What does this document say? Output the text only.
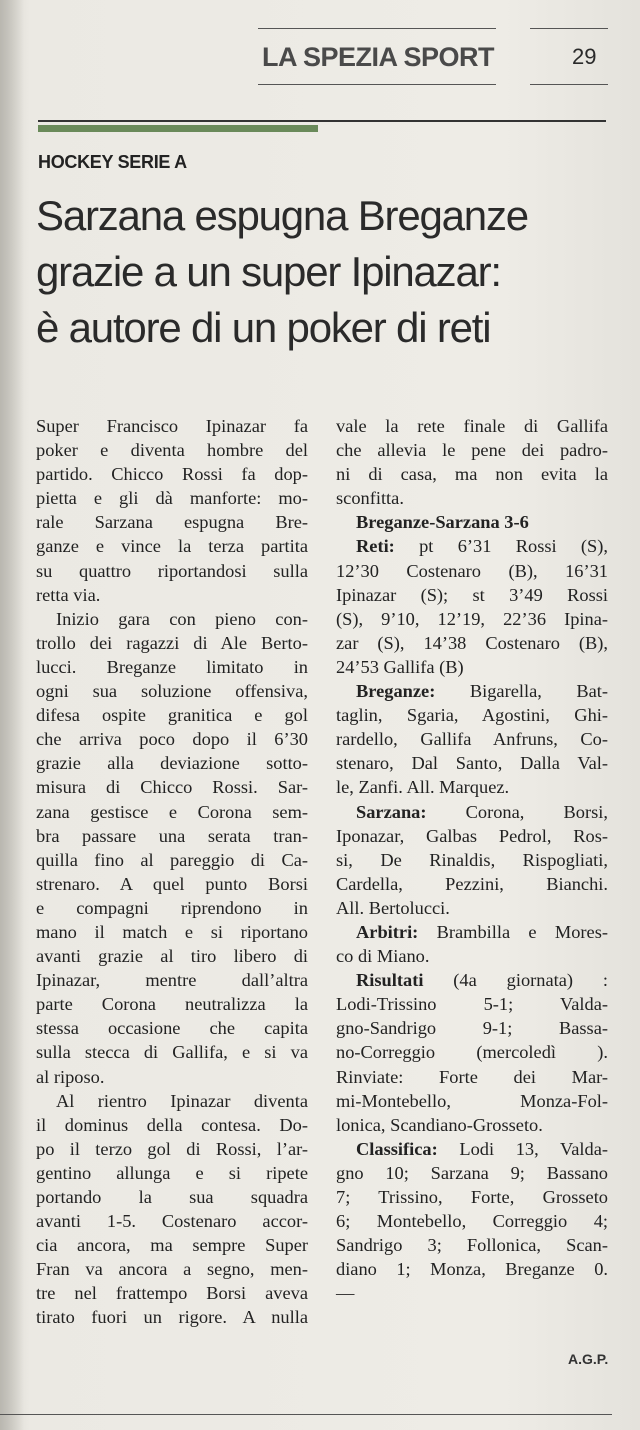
LA SPEZIA SPORT	29
HOCKEY SERIE A
Sarzana espugna Breganze
grazie a un super Ipinazar:
è autore di un poker di reti
Super Francisco Ipinazar fa
poker e diventa hombre del
partido. Chicco Rossi fa dop-
pietta e gli dà manforte: mo-
rale Sarzana espugna Bre-
ganze e vince la terza partita
su quattro riportandosi sulla
retta via.
Inizio gara con pieno con-
trollo dei ragazzi di Ale Berto-
lucci. Breganze limitato in
ogni sua soluzione offensiva,
difesa ospite granitica e gol
che arriva poco dopo il 6’30
grazie alla deviazione sotto-
misura di Chicco Rossi. Sar-
zana gestisce e Corona sem-
bra passare una serata tran-
quilla fino al pareggio di Ca-
strenaro. A quel punto Borsi
e compagni riprendono in
mano il match e si riportano
avanti grazie al tiro libero di
Ipinazar, mentre dall’altra
parte Corona neutralizza la
stessa occasione che capita
sulla stecca di Gallifa, e si va
al riposo.
Al rientro Ipinazar diventa
il dominus della contesa. Do-
po il terzo gol di Rossi, l’ar-
gentino allunga e si ripete
portando la sua squadra
avanti 1-5. Costenaro accor-
cia ancora, ma sempre Super
Fran va ancora a segno, men-
tre nel frattempo Borsi aveva
tirato fuori un rigore. A nulla
vale la rete finale di Gallifa
che allevia le pene dei padro-
ni di casa, ma non evita la
sconfitta.
Breganze-Sarzana 3-6
Reti: pt 6’31 Rossi (S),
12’30 Costenaro (B), 16’31
Ipinazar (S); st 3’49 Rossi
(S), 9’10, 12’19, 22’36 Ipina-
zar (S), 14’38 Costenaro (B),
24’53 Gallifa (B)
Breganze: Bigarella, Bat-
taglin, Sgaria, Agostini, Ghi-
rardello, Gallifa Anfruns, Co-
stenaro, Dal Santo, Dalla Val-
le, Zanfi. All. Marquez.
Sarzana: Corona, Borsi,
Iponazar, Galbas Pedrol, Ros-
si, De Rinaldis, Rispogliati,
Cardella, Pezzini, Bianchi.
All. Bertolucci.
Arbitri: Brambilla e Mores-
co di Miano.
Risultati (4a giornata) :
Lodi-Trissino 5-1; Valda-
gno-Sandrigo 9-1; Bassa-
no-Correggio (mercoledì ).
Rinviate: Forte dei Mar-
mi-Montebello, Monza-Fol-
lonica, Scandiano-Grosseto.
Classifica: Lodi 13, Valda-
gno 10; Sarzana 9; Bassano
7; Trissino, Forte, Grosseto
6; Montebello, Correggio 4;
Sandrigo 3; Follonica, Scan-
diano 1; Monza, Breganze 0.
—
A.G.P.
